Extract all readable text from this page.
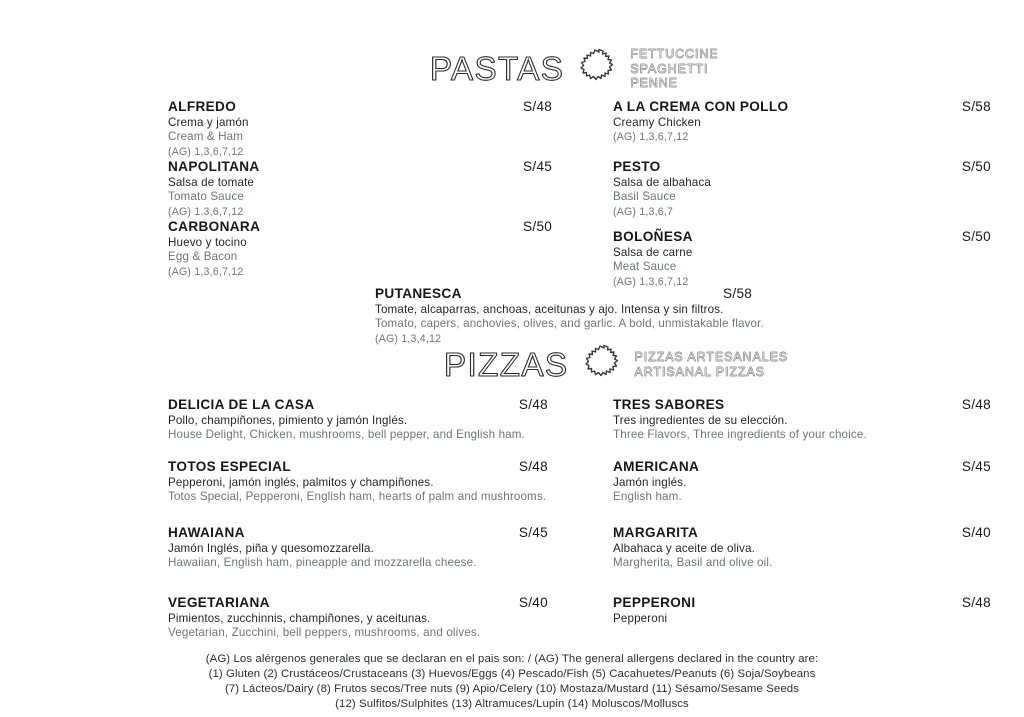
PASTAS	FETTUCCINE
SPAGHETTI
PENNE
ALFREDO	S/48
Crema y jamón
Cream & Ham
(AG) 1,3,6,7,12
NAPOLITANA	S/45
Salsa de tomate
Tomato Sauce
(AG) 1,3,6,7,12
CARBONARA	S/50
Huevo y tocino
Egg & Bacon
(AG) 1,3,6,7,12
A LA CREMA CON POLLO	S/58
Creamy Chicken
(AG) 1,3,6,7,12
PESTO	S/50
Salsa de albahaca
Basil Sauce
(AG) 1,3,6,7
BOLOÑESA	S/50
Salsa de carne
Meat Sauce
(AG) 1,3,6,7,12
PUTANESCA	S/58
Tomate, alcaparras, anchoas, aceitunas y ajo. Intensa y sin filtros.
Tomato, capers, anchovies, olives, and garlic. A bold, unmistakable flavor.
(AG) 1,3,4,12
PIZZAS	PIZZAS ARTESANALES
ARTISANAL PIZZAS
DELICIA DE LA CASA	S/48
Pollo, champiñones, pimiento y jamón Inglés.
House Delight, Chicken, mushrooms, bell pepper, and English ham.
TOTOS ESPECIAL	S/48
Pepperoni, jamón inglés, palmitos y champiñones.
Totos Special, Pepperoni, English ham, hearts of palm and mushrooms.
HAWAIANA	S/45
Jamón Inglés, piña y quesomozzarella.
Hawaiian, English ham, pineapple and mozzarella cheese.
VEGETARIANA	S/40
Pimientos, zucchinnis, champiñones, y aceitunas.
Vegetarian, Zucchini, bell peppers, mushrooms, and olives.
TRES SABORES	S/48
Tres ingredientes de su elección.
Three Flavors, Three ingredients of your choice.
AMERICANA	S/45
Jamón inglés.
English ham.
MARGARITA	S/40
Albahaca y aceite de oliva.
Margherita, Basil and olive oil.
PEPPERONI	S/48
Pepperoni
(AG) Los alérgenos generales que se declaran en el pais son: / (AG) The general allergens declared in the country are:
(1) Gluten (2) Crustáceos/Crustaceans (3) Huevos/Eggs (4) Pescado/Fish (5) Cacahuetes/Peanuts (6) Soja/Soybeans
(7) Lácteos/Dairy (8) Frutos secos/Tree nuts (9) Apio/Celery (10) Mostaza/Mustard (11) Sésamo/Sesame Seeds
(12) Sulfitos/Sulphites (13) Altramuces/Lupin (14) Moluscos/Molluscs
